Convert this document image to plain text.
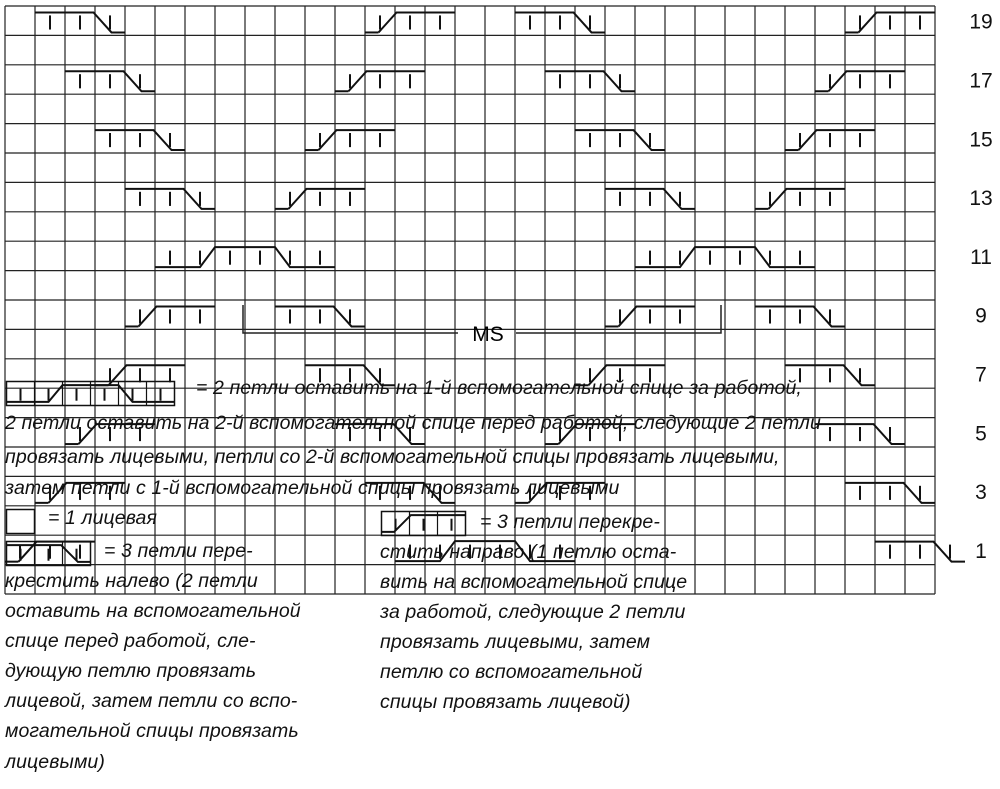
19
17
15
13
11
9
7
5
3
1
MS
= 2 петли оставить на 1-й вспомогательной спице за работой,
2 петли оставить на 2-й вспомогательной спице перед работой, следующие 2 петли
провязать лицевыми, петли со 2-й вспомогательной спицы провязать лицевыми,
затем петли с 1-й вспомогательной спицы провязать лицевыми
= 1 лицевая
= 3 петли пере-
крестить налево (2 петли
оставить на вспомогательной
спице перед работой, сле-
дующую петлю провязать
лицевой, затем петли со вспо-
могательной спицы провязать
лицевыми)
= 3 петли перекре-
стить направо (1 петлю оста-
вить на вспомогательной спице
за работой, следующие 2 петли
провязать лицевыми, затем
петлю со вспомогательной
спицы провязать лицевой)
